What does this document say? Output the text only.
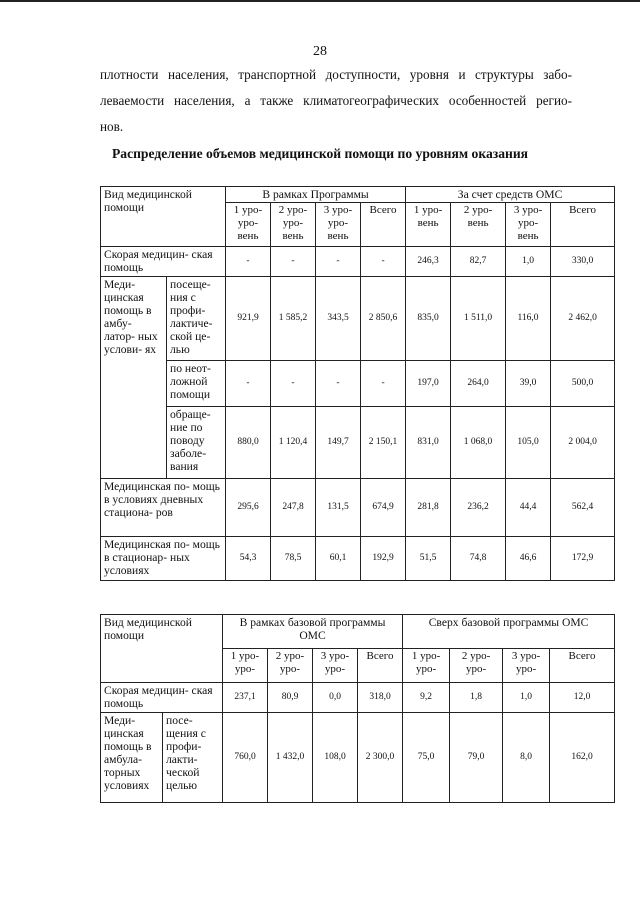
28
плотности населения, транспортной доступности, уровня и структуры забо-
леваемости населения, а также климатогеографических особенностей регио-
нов.
Распределение объемов медицинской помощи по уровням оказания
Вид медицинской помощи		В рамках Программы				За счет средств ОМС			
		1 уро- уро- вень	2 уро- уро- вень	3 уро- уро- вень	Всего	1 уро- вень	2 уро- вень	3 уро- уро- вень	Всего
Скорая медицин- ская помощь		-	-	-	-	246,3	82,7	1,0	330,0
Меди- цинская помощь в амбу- латор- ных услови- ях	посеще- ния с профи- лактиче- ской це- лью	921,9	1 585,2	343,5	2 850,6	835,0	1 511,0	116,0	2 462,0
	по неот- ложной помощи	-	-	-	-	197,0	264,0	39,0	500,0
	обраще- ние по поводу заболе- вания	880,0	1 120,4	149,7	2 150,1	831,0	1 068,0	105,0	2 004,0
Медицинская по- мощь в условиях дневных стациона- ров		295,6	247,8	131,5	674,9	281,8	236,2	44,4	562,4
Медицинская по- мощь в стационар- ных условиях		54,3	78,5	60,1	192,9	51,5	74,8	46,6	172,9
Вид медицинской помощи		В рамках базовой программы ОМС				Сверх базовой программы ОМС			
		1 уро- уро-	2 уро- уро-	3 уро- уро-	Всего	1 уро- уро-	2 уро- уро-	3 уро- уро-	Всего
Скорая медицин- ская помощь		237,1	80,9	0,0	318,0	9,2	1,8	1,0	12,0
Меди- цинская помощь в амбула- торных условиях	посе- щения с профи- лакти- ческой целью	760,0	1 432,0	108,0	2 300,0	75,0	79,0	8,0	162,0
